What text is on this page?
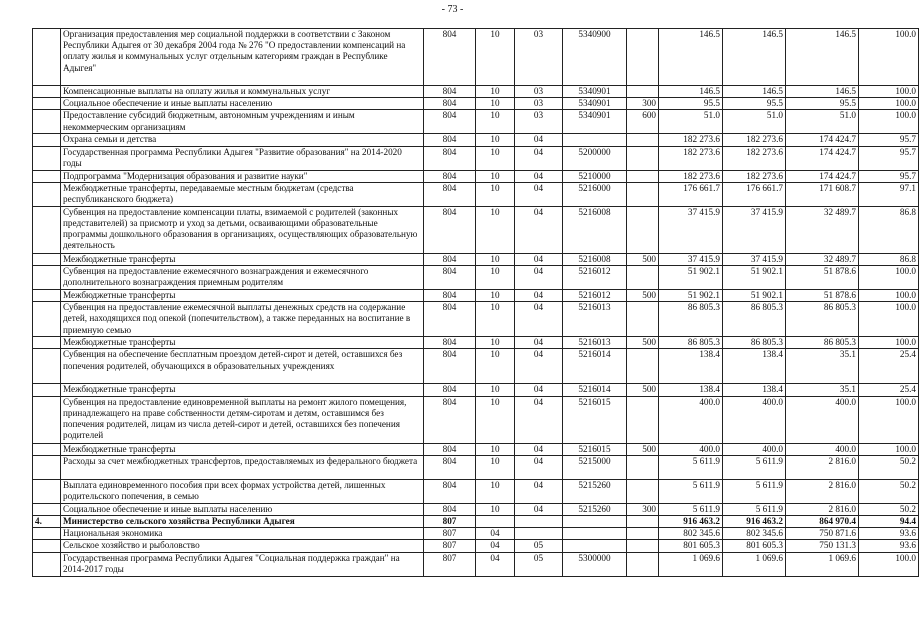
- 73 -
	Организация предоставления мер социальной поддержки в соответствии с Законом Республики Адыгея от 30 декабря 2004 года № 276 "О предоставлении компенсаций на оплату жилья и коммунальных услуг отдельным категориям граждан в Республике Адыгея"	804	10	03	5340900		146.5	146.5	146.5	100.0
	Компенсационные выплаты на оплату жилья и коммунальных услуг	804	10	03	5340901		146.5	146.5	146.5	100.0
	Социальное обеспечение и иные выплаты населению	804	10	03	5340901	300	95.5	95.5	95.5	100.0
	Предоставление субсидий бюджетным, автономным учреждениям и иным некоммерческим организациям	804	10	03	5340901	600	51.0	51.0	51.0	100.0
	Охрана семьи и детства	804	10	04			182 273.6	182 273.6	174 424.7	95.7
	Государственная программа Республики Адыгея "Развитие образования" на 2014-2020 годы	804	10	04	5200000		182 273.6	182 273.6	174 424.7	95.7
	Подпрограмма "Модернизация образования и развитие науки"	804	10	04	5210000		182 273.6	182 273.6	174 424.7	95.7
	Межбюджетные трансферты, передаваемые местным бюджетам (средства республиканского бюджета)	804	10	04	5216000		176 661.7	176 661.7	171 608.7	97.1
	Субвенция на предоставление компенсации платы, взимаемой с родителей (законных представителей) за присмотр и уход за детьми, осваивающими образовательные программы дошкольного образования в организациях, осуществляющих образовательную деятельность	804	10	04	5216008		37 415.9	37 415.9	32 489.7	86.8
	Межбюджетные трансферты	804	10	04	5216008	500	37 415.9	37 415.9	32 489.7	86.8
	Субвенция на предоставление ежемесячного вознаграждения и ежемесячного дополнительного вознаграждения приемным родителям	804	10	04	5216012		51 902.1	51 902.1	51 878.6	100.0
	Межбюджетные трансферты	804	10	04	5216012	500	51 902.1	51 902.1	51 878.6	100.0
	Субвенция на предоставление ежемесячной выплаты денежных средств на содержание детей, находящихся под опекой (попечительством), а также переданных на воспитание в приемную семью	804	10	04	5216013		86 805.3	86 805.3	86 805.3	100.0
	Межбюджетные трансферты	804	10	04	5216013	500	86 805.3	86 805.3	86 805.3	100.0
	Субвенция на обеспечение бесплатным проездом детей-сирот и детей, оставшихся без попечения родителей, обучающихся в образовательных учреждениях	804	10	04	5216014		138.4	138.4	35.1	25.4
	Межбюджетные трансферты	804	10	04	5216014	500	138.4	138.4	35.1	25.4
	Субвенция на предоставление единовременной выплаты на ремонт жилого помещения, принадлежащего на праве собственности детям-сиротам и детям, оставшимся без попечения родителей, лицам из числа детей-сирот и детей, оставшихся без попечения родителей	804	10	04	5216015		400.0	400.0	400.0	100.0
	Межбюджетные трансферты	804	10	04	5216015	500	400.0	400.0	400.0	100.0
	Расходы за счет межбюджетных трансфертов, предоставляемых из федерального бюджета	804	10	04	5215000		5 611.9	5 611.9	2 816.0	50.2
	Выплата единовременного пособия при всех формах устройства детей, лишенных родительского попечения, в семью	804	10	04	5215260		5 611.9	5 611.9	2 816.0	50.2
	Социальное обеспечение и иные выплаты населению	804	10	04	5215260	300	5 611.9	5 611.9	2 816.0	50.2
4.	Министерство сельского хозяйства Республики Адыгея	807					916 463.2	916 463.2	864 970.4	94.4
	Национальная экономика	807	04				802 345.6	802 345.6	750 871.6	93.6
	Сельское хозяйство и рыболовство	807	04	05			801 605.3	801 605.3	750 131.3	93.6
	Государственная программа Республики Адыгея "Социальная поддержка граждан" на 2014-2017 годы	807	04	05	5300000		1 069.6	1 069.6	1 069.6	100.0
